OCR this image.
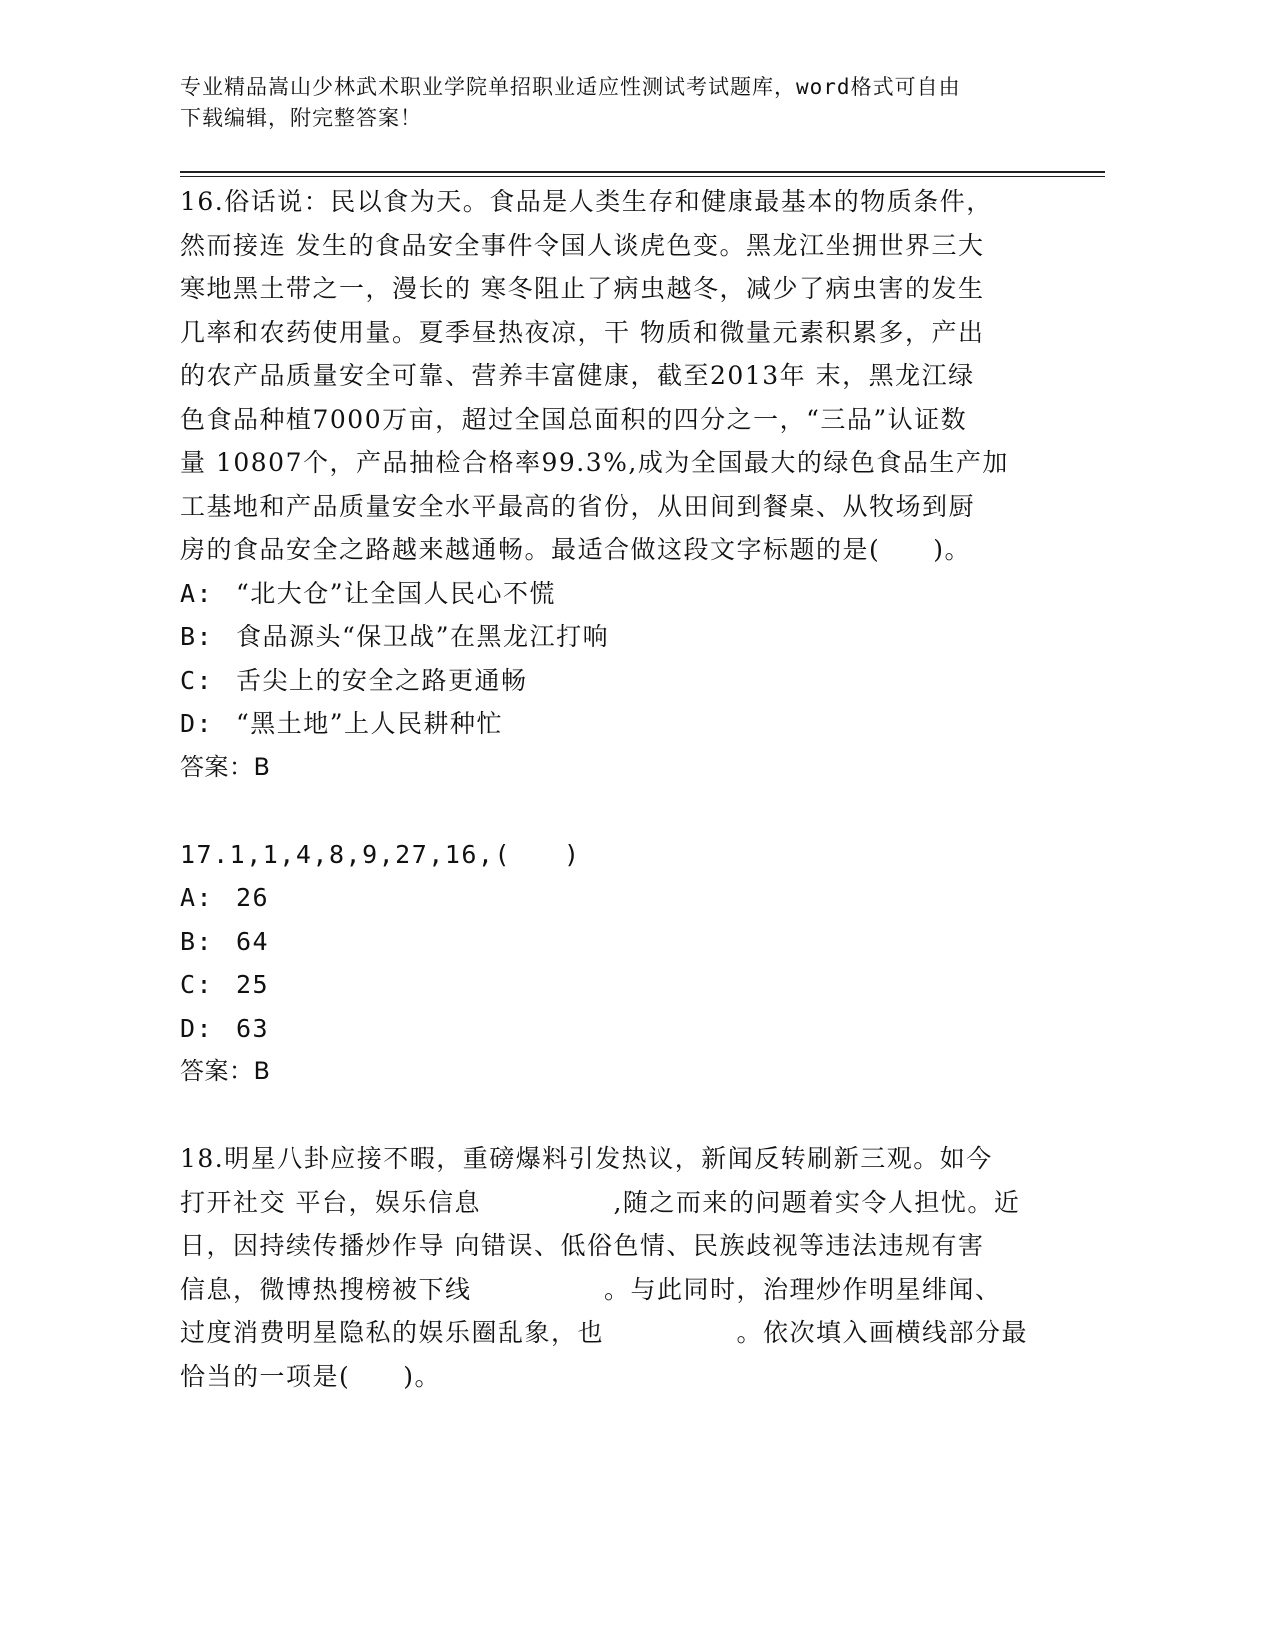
专业精品嵩山少林武术职业学院单招职业适应性测试考试题库，word格式可自由
下载编辑，附完整答案！
16.俗话说：民以食为天。食品是人类生存和健康最基本的物质条件，
然而接连 发生的食品安全事件令国人谈虎色变。黑龙江坐拥世界三大
寒地黑土带之一，漫长的 寒冬阻止了病虫越冬，减少了病虫害的发生
几率和农药使用量。夏季昼热夜凉，干 物质和微量元素积累多，产出
的农产品质量安全可靠、营养丰富健康，截至2013年 末，黑龙江绿
色食品种植7000万亩，超过全国总面积的四分之一，“三品”认证数
量 10807个，产品抽检合格率99.3%,成为全国最大的绿色食品生产加
工基地和产品质量安全水平最高的省份，从田间到餐桌、从牧场到厨
房的食品安全之路越来越通畅。最适合做这段文字标题的是(　　)。
A: “北大仓”让全国人民心不慌
B: 食品源头“保卫战”在黑龙江打响
C: 舌尖上的安全之路更通畅
D: “黑土地”上人民耕种忙
答案：B
17.1,1,4,8,9,27,16,(　　)
A: 26
B: 64
C: 25
D: 63
答案：B
18.明星八卦应接不暇，重磅爆料引发热议，新闻反转刷新三观。如今
打开社交 平台，娱乐信息　　　　　,随之而来的问题着实令人担忧。近
日，因持续传播炒作导 向错误、低俗色情、民族歧视等违法违规有害
信息，微博热搜榜被下线　　　　　。与此同时，治理炒作明星绯闻、
过度消费明星隐私的娱乐圈乱象，也　　　　　。依次填入画横线部分最
恰当的一项是(　　)。
